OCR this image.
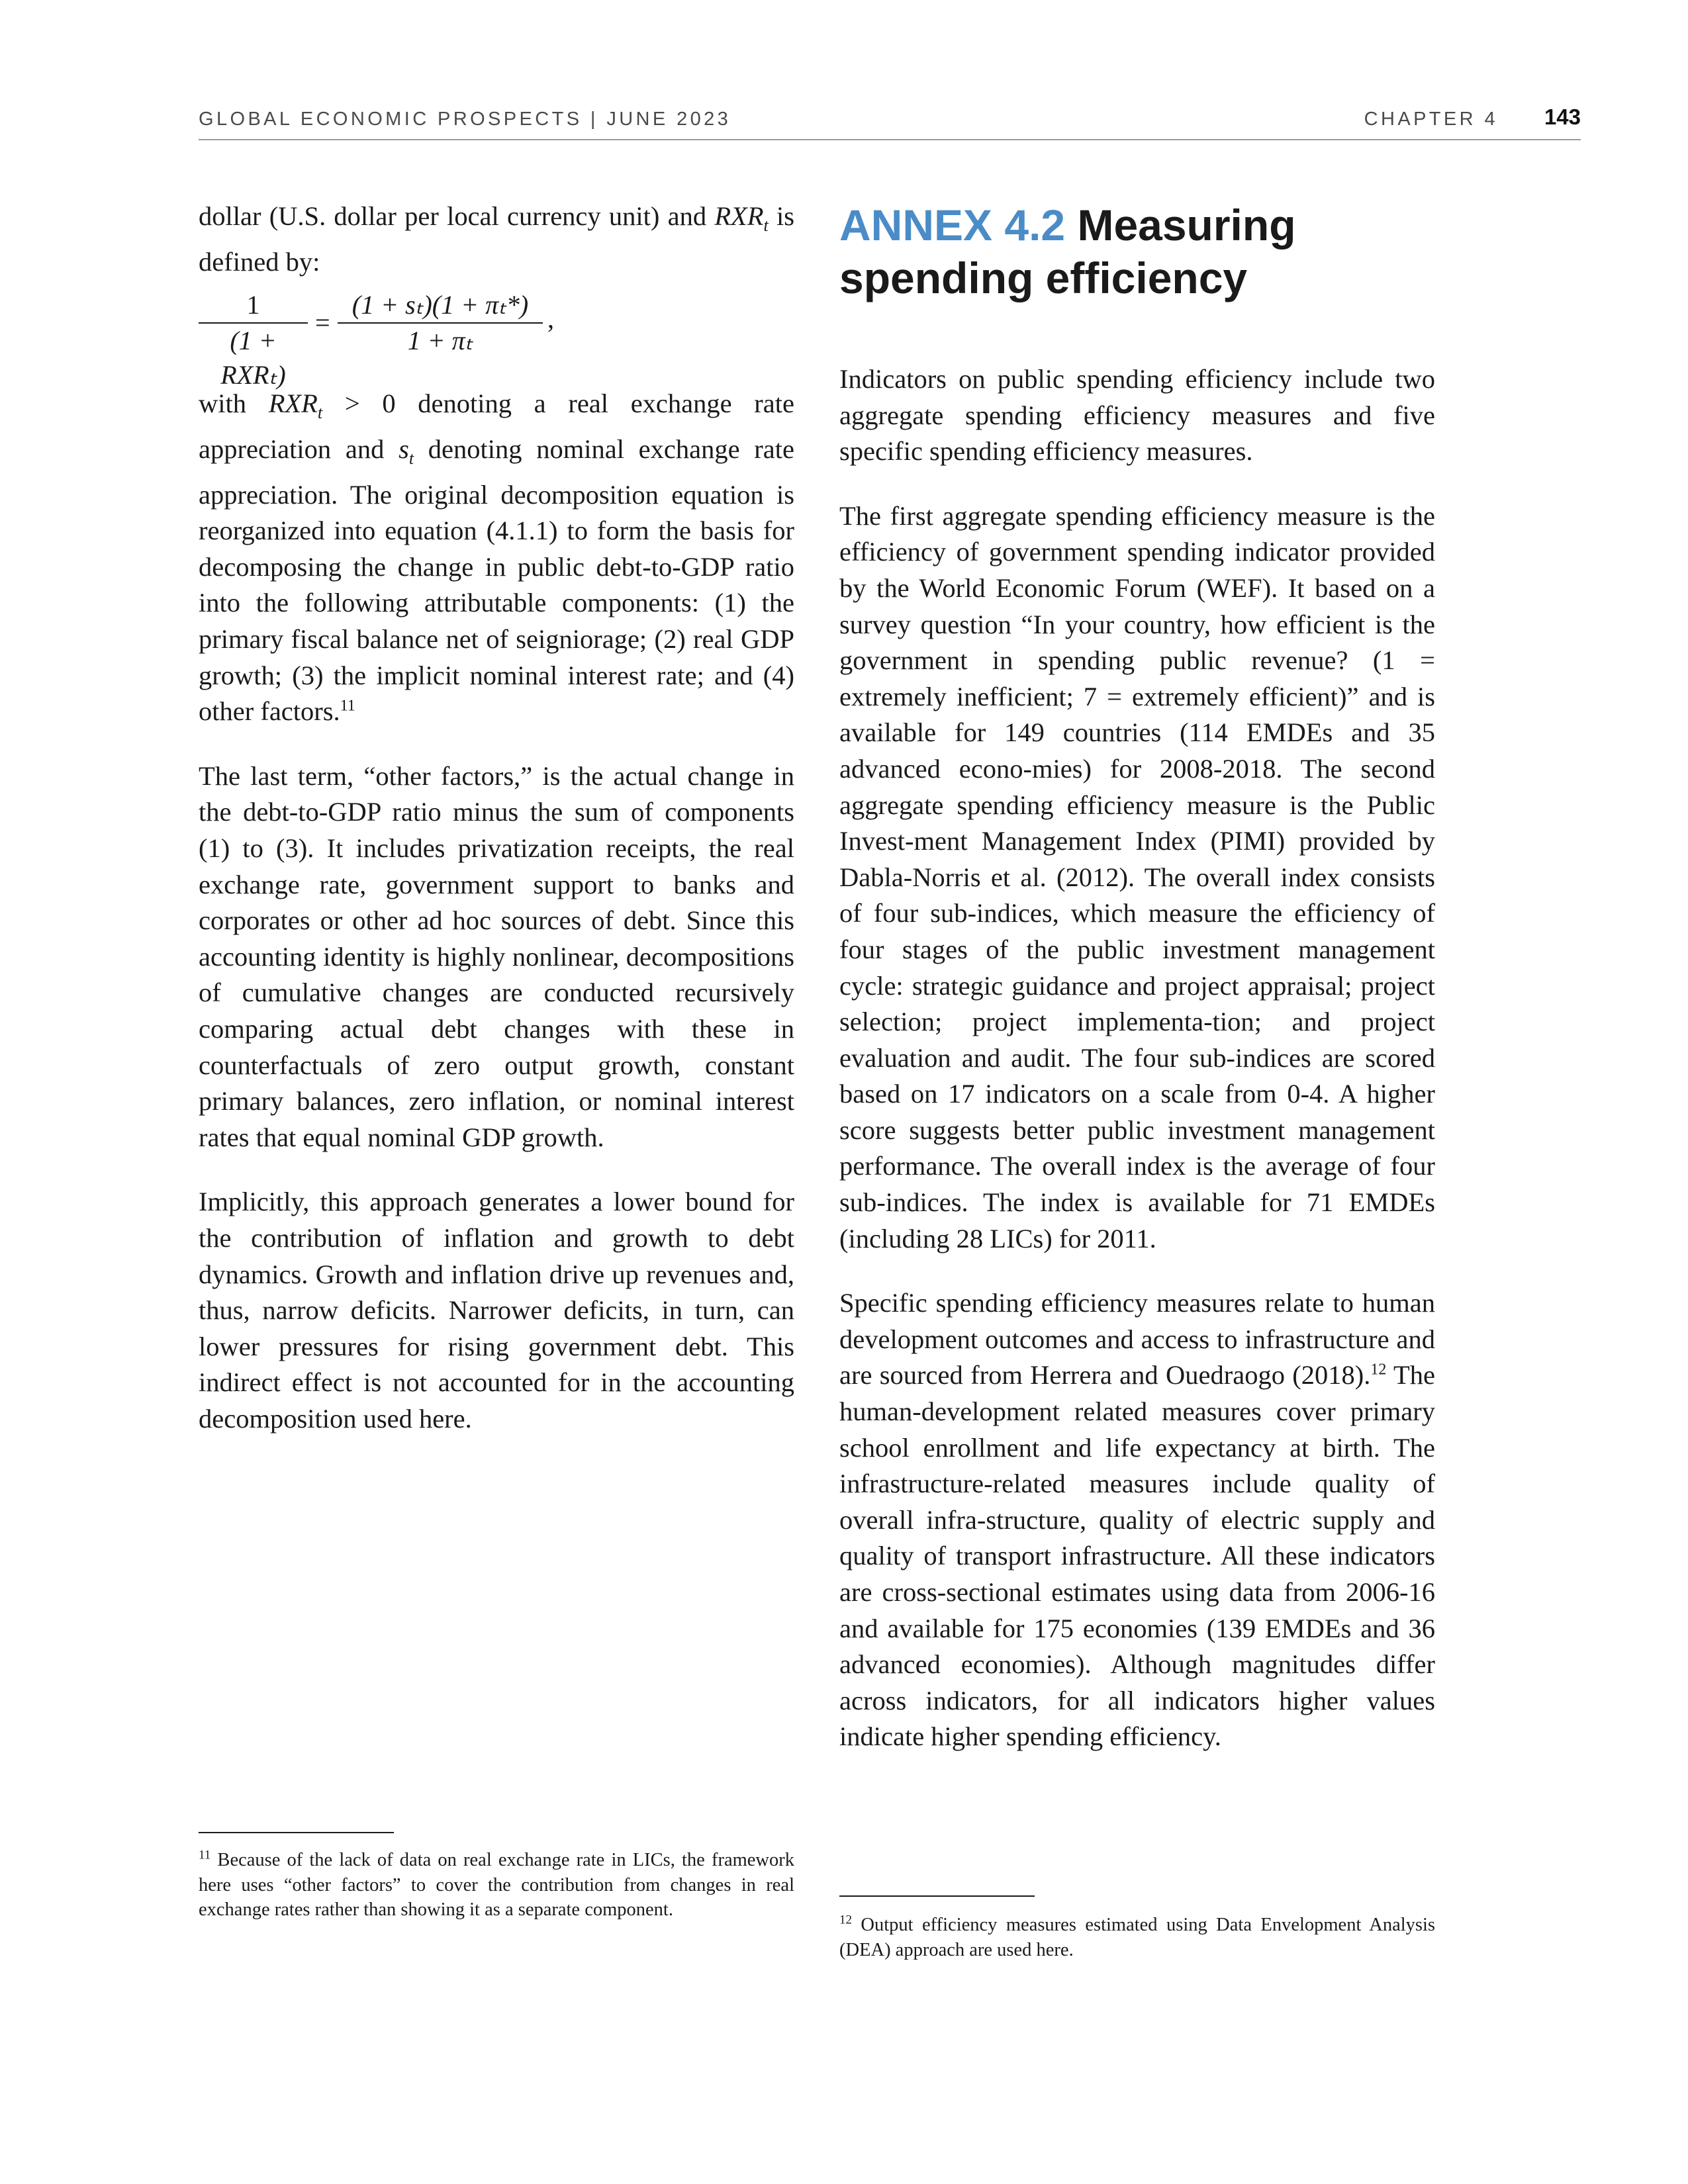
GLOBAL ECONOMIC PROSPECTS | JUNE 2023	CHAPTER 4 143

dollar (U.S. dollar per local currency unit) and $RXR_t$ is defined by:

1
(1 + RXRₜ)
= $\frac{\text{(1 + sₜ)(1 + πₜ*)}}{\text{1 + πₜ}}$ ,

with $RXR_t > 0$ denoting a real exchange rate appreciation and $s_t$ denoting nominal exchange rate appreciation. The original decomposition equation is reorganized into equation (4.1.1) to form the basis for decomposing the change in public debt-to-GDP ratio into the following attributable components: (1) the primary fiscal balance net of seigniorage; (2) real GDP growth; (3) the implicit nominal interest rate; and (4) other factors.$^{11}$

The last term, “other factors,” is the actual change in the debt-to-GDP ratio minus the sum of components (1) to (3). It includes privatization receipts, the real exchange rate, government support to banks and corporates or other ad hoc sources of debt. Since this accounting identity is highly nonlinear, decompositions of cumulative changes are conducted recursively comparing actual debt changes with these in counterfactuals of zero output growth, constant primary balances, zero inflation, or nominal interest rates that equal nominal GDP growth.

Implicitly, this approach generates a lower bound for the contribution of inflation and growth to debt dynamics. Growth and inflation drive up revenues and, thus, narrow deficits. Narrower deficits, in turn, can lower pressures for rising government debt. This indirect effect is not accounted for in the accounting decomposition used here.

$^{11}$ Because of the lack of data on real exchange rate in LICs, the framework here uses “other factors” to cover the contribution from changes in real exchange rates rather than showing it as a separate component.
ANNEX 4.2 Measuring spending efficiency

Indicators on public spending efficiency include two aggregate spending efficiency measures and five specific spending efficiency measures.

The first aggregate spending efficiency measure is the efficiency of government spending indicator provided by the World Economic Forum (WEF). It based on a survey question “In your country, how efficient is the government in spending public revenue? (1 = extremely inefficient; 7 = extremely efficient)” and is available for 149 countries (114 EMDEs and 35 advanced econo-mies) for 2008-2018. The second aggregate spending efficiency measure is the Public Invest-ment Management Index (PIMI) provided by Dabla-Norris et al. (2012). The overall index consists of four sub-indices, which measure the efficiency of four stages of the public investment management cycle: strategic guidance and project appraisal; project selection; project implementa-tion; and project evaluation and audit. The four sub-indices are scored based on 17 indicators on a scale from 0-4. A higher score suggests better public investment management performance. The overall index is the average of four sub-indices. The index is available for 71 EMDEs (including 28 LICs) for 2011.

Specific spending efficiency measures relate to human development outcomes and access to infrastructure and are sourced from Herrera and Ouedraogo (2018).$^{12}$ The human-development related measures cover primary school enrollment and life expectancy at birth. The infrastructure-related measures include quality of overall infra-structure, quality of electric supply and quality of transport infrastructure. All these indicators are cross-sectional estimates using data from 2006-16 and available for 175 economies (139 EMDEs and 36 advanced economies). Although magnitudes differ across indicators, for all indicators higher values indicate higher spending efficiency.

$^{12}$ Output efficiency measures estimated using Data Envelopment Analysis (DEA) approach are used here.
